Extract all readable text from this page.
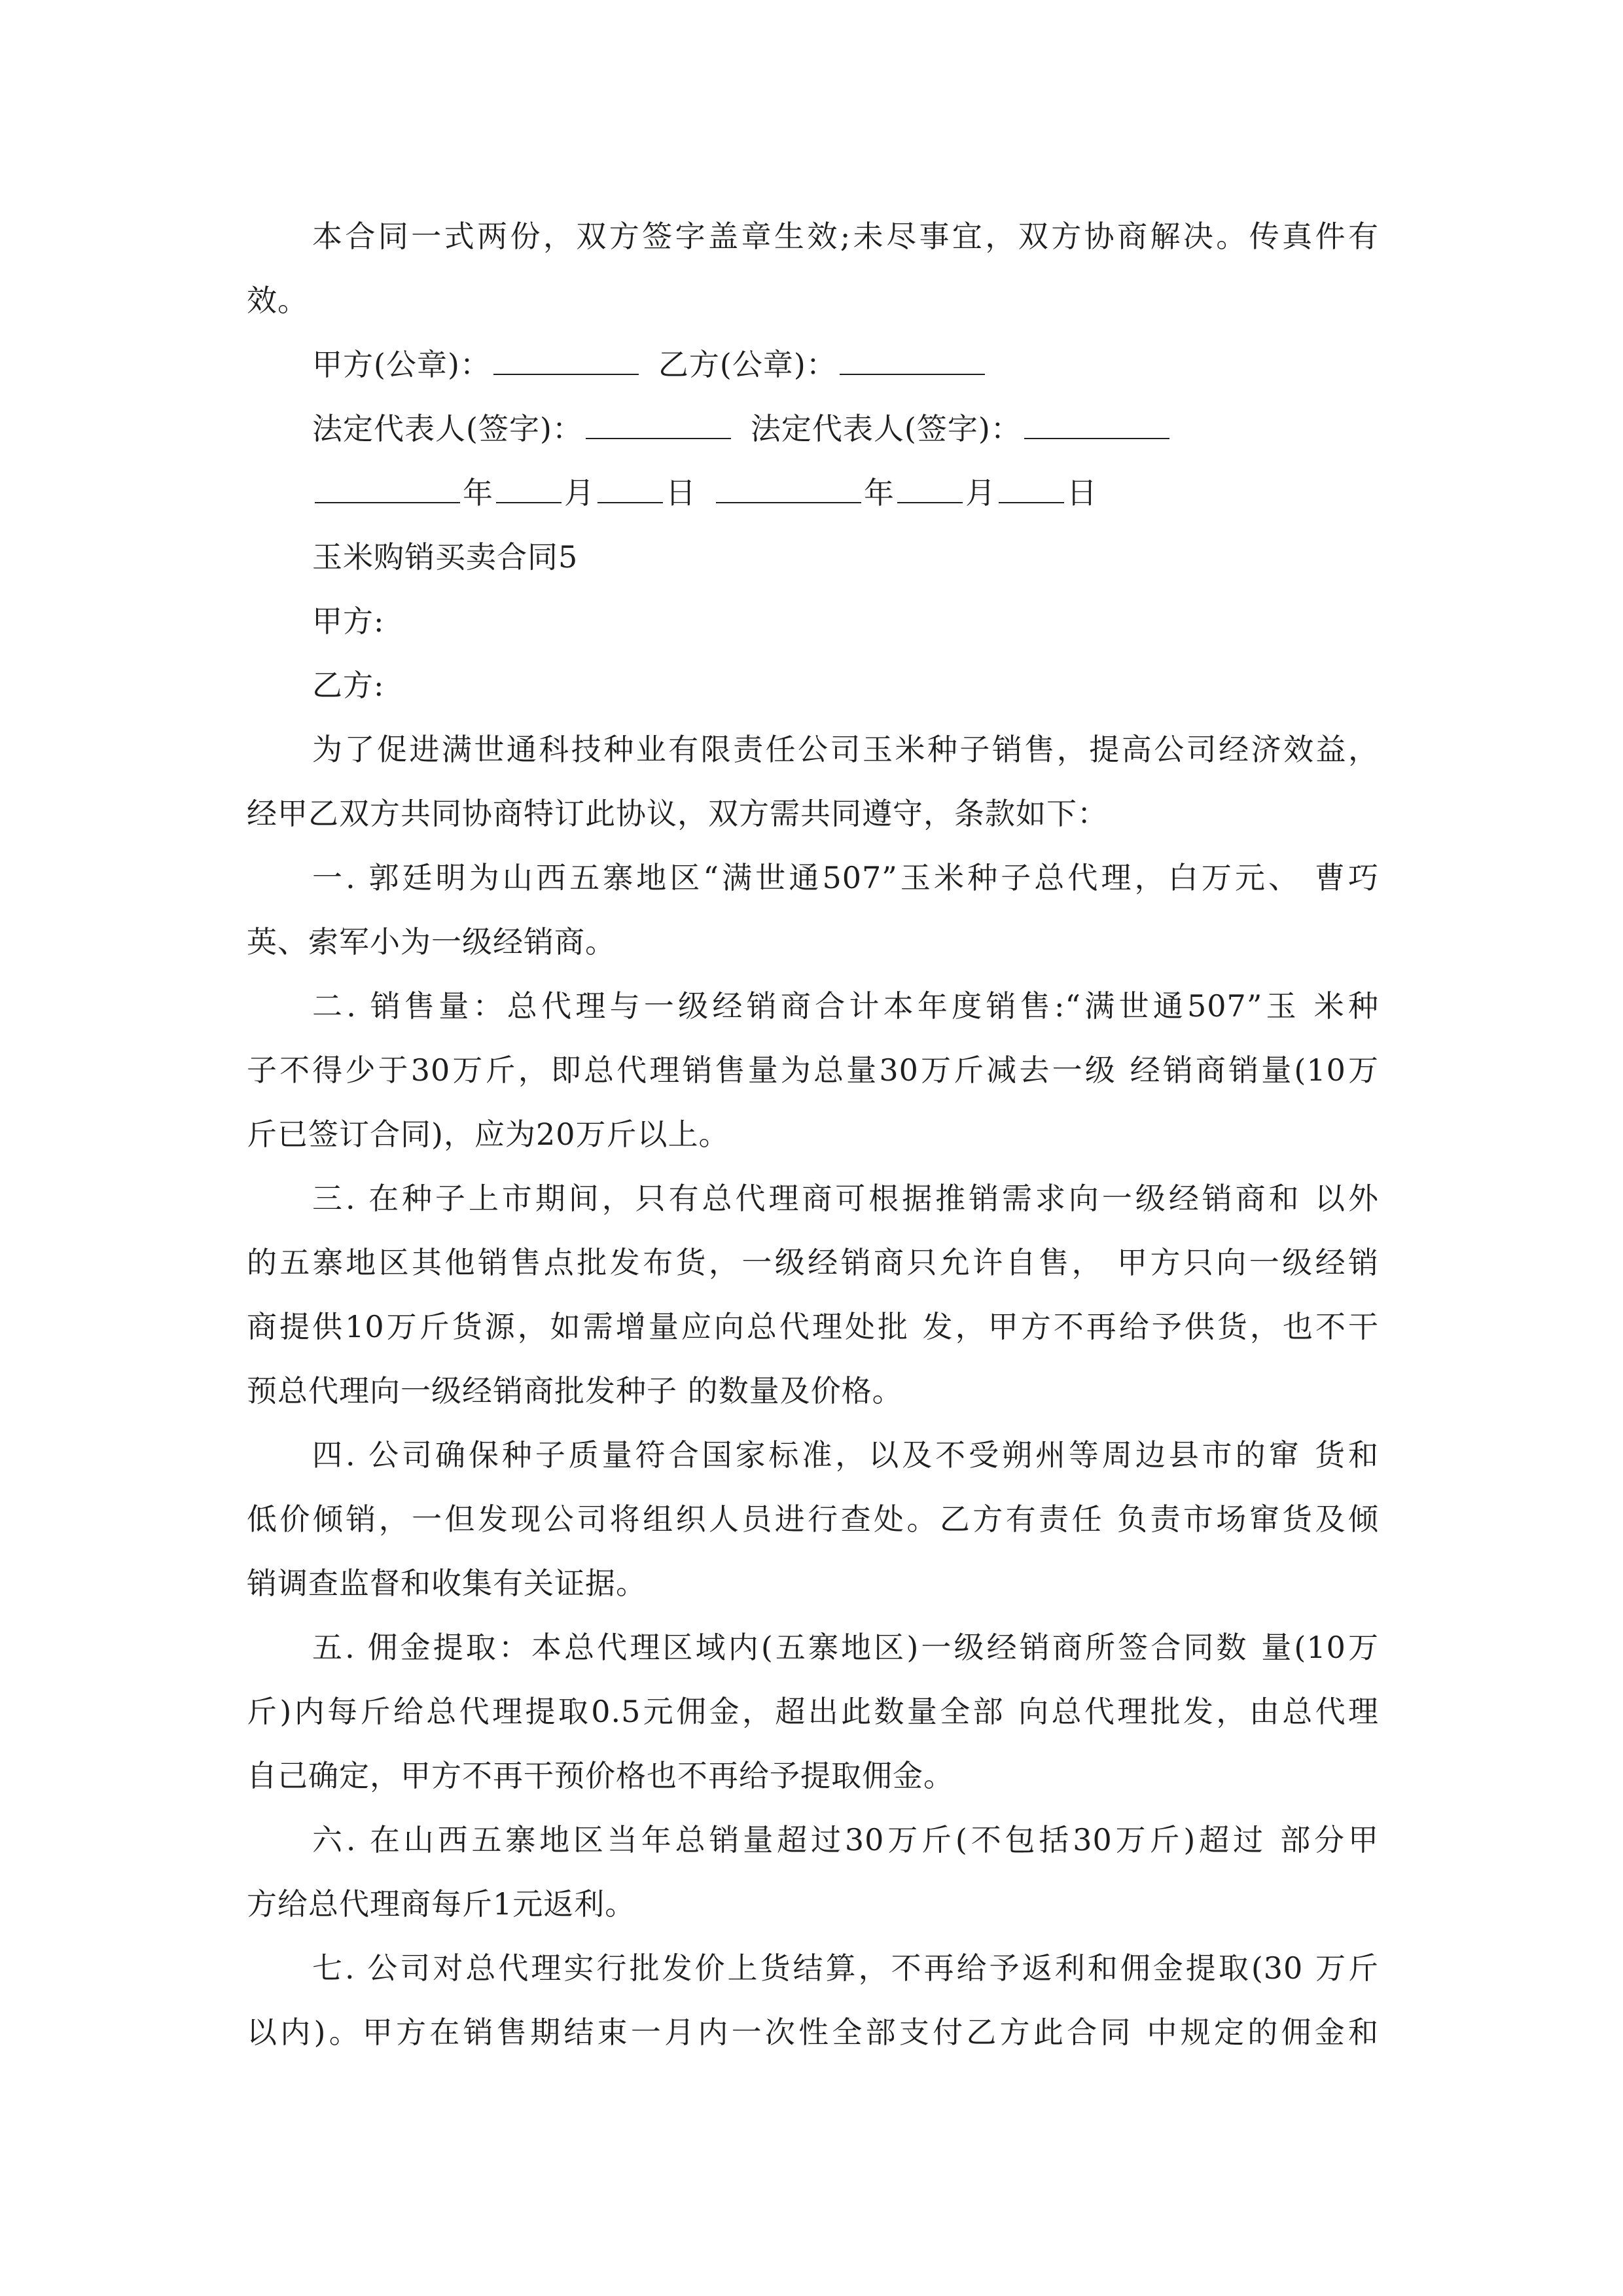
本合同一式两份，双方签字盖章生效;未尽事宜，双方协商解决。传真件有
效。
甲方(公章)：	乙方(公章)：
法定代表人(签字)：	法定代表人(签字)：
年 月 日	年 月 日
玉米购销买卖合同5
甲方:
乙方:
为了促进满世通科技种业有限责任公司玉米种子销售，提高公司经济效益，
经甲乙双方共同协商特订此协议，双方需共同遵守，条款如下：
一. 郭廷明为山西五寨地区“满世通507”玉米种子总代理，白万元、 曹巧
英、索军小为一级经销商。
二. 销售量：总代理与一级经销商合计本年度销售:“满世通507”玉 米种
子不得少于30万斤，即总代理销售量为总量30万斤减去一级 经销商销量(10万
斤已签订合同)，应为20万斤以上。
三. 在种子上市期间，只有总代理商可根据推销需求向一级经销商和 以外
的五寨地区其他销售点批发布货，一级经销商只允许自售， 甲方只向一级经销
商提供10万斤货源，如需增量应向总代理处批 发，甲方不再给予供货，也不干
预总代理向一级经销商批发种子 的数量及价格。
四. 公司确保种子质量符合国家标准，以及不受朔州等周边县市的窜 货和
低价倾销，一但发现公司将组织人员进行查处。乙方有责任 负责市场窜货及倾
销调查监督和收集有关证据。
五. 佣金提取：本总代理区域内(五寨地区)一级经销商所签合同数 量(10万
斤)内每斤给总代理提取0.5元佣金，超出此数量全部 向总代理批发，由总代理
自己确定，甲方不再干预价格也不再给予提取佣金。
六. 在山西五寨地区当年总销量超过30万斤(不包括30万斤)超过 部分甲
方给总代理商每斤1元返利。
七. 公司对总代理实行批发价上货结算，不再给予返利和佣金提取(30 万斤
以内)。甲方在销售期结束一月内一次性全部支付乙方此合同 中规定的佣金和
